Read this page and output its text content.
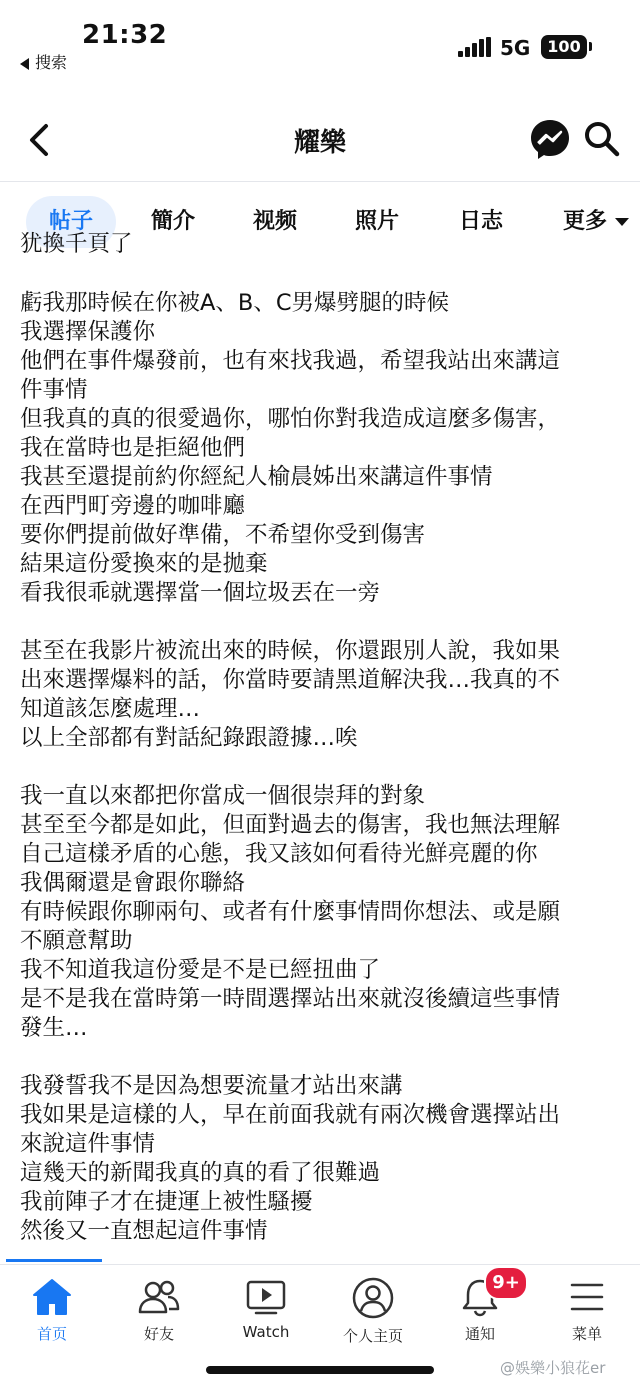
21:32
搜索
5G	100
耀樂
帖子	簡介	视频	照片	日志	更多
犹換千頁了
虧我那時候在你被A、B、C男爆劈腿的時候
我選擇保護你
他們在事件爆發前，也有來找我過，希望我站出來講這
件事情
但我真的真的很愛過你，哪怕你對我造成這麼多傷害，
我在當時也是拒絕他們
我甚至還提前約你經紀人榆晨姊出來講這件事情
在西門町旁邊的咖啡廳
要你們提前做好準備，不希望你受到傷害
結果這份愛換來的是拋棄
看我很乖就選擇當一個垃圾丟在一旁
甚至在我影片被流出來的時候，你還跟別人說，我如果
出來選擇爆料的話，你當時要請黑道解決我…我真的不
知道該怎麼處理…
以上全部都有對話紀錄跟證據…唉
我一直以來都把你當成一個很崇拜的對象
甚至至今都是如此，但面對過去的傷害，我也無法理解
自己這樣矛盾的心態，我又該如何看待光鮮亮麗的你
我偶爾還是會跟你聯絡
有時候跟你聊兩句、或者有什麼事情問你想法、或是願
不願意幫助
我不知道我這份愛是不是已經扭曲了
是不是我在當時第一時間選擇站出來就沒後續這些事情
發生…
我發誓我不是因為想要流量才站出來講
我如果是這樣的人，早在前面我就有兩次機會選擇站出
來說這件事情
這幾天的新聞我真的真的看了很難過
我前陣子才在捷運上被性騷擾
然後又一直想起這件事情
首页	好友	Watch	个人主页	通知	菜单
9+
@娛樂小狼花er
